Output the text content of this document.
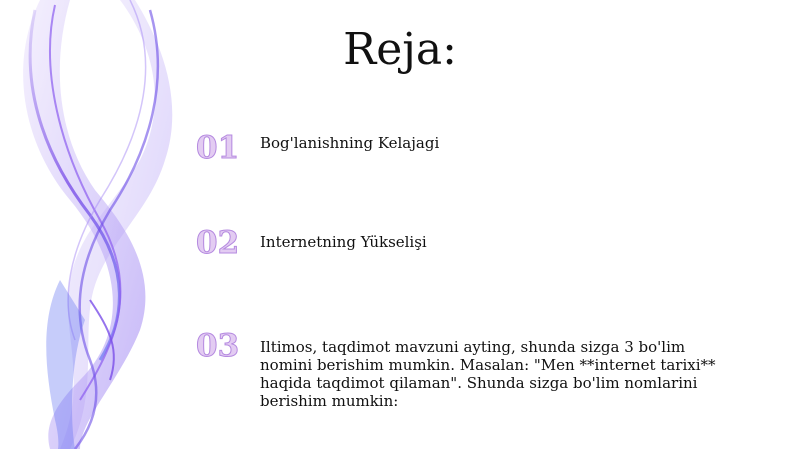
Reja:
01	Bog'lanishning Kelajagi
02	Internetning Yükselişi
03	Iltimos, taqdimot mavzuni ayting, shunda sizga 3 bo'lim nomini berishim mumkin. Masalan: "Men **internet tarixi** haqida taqdimot qilaman". Shunda sizga bo'lim nomlarini berishim mumkin:
